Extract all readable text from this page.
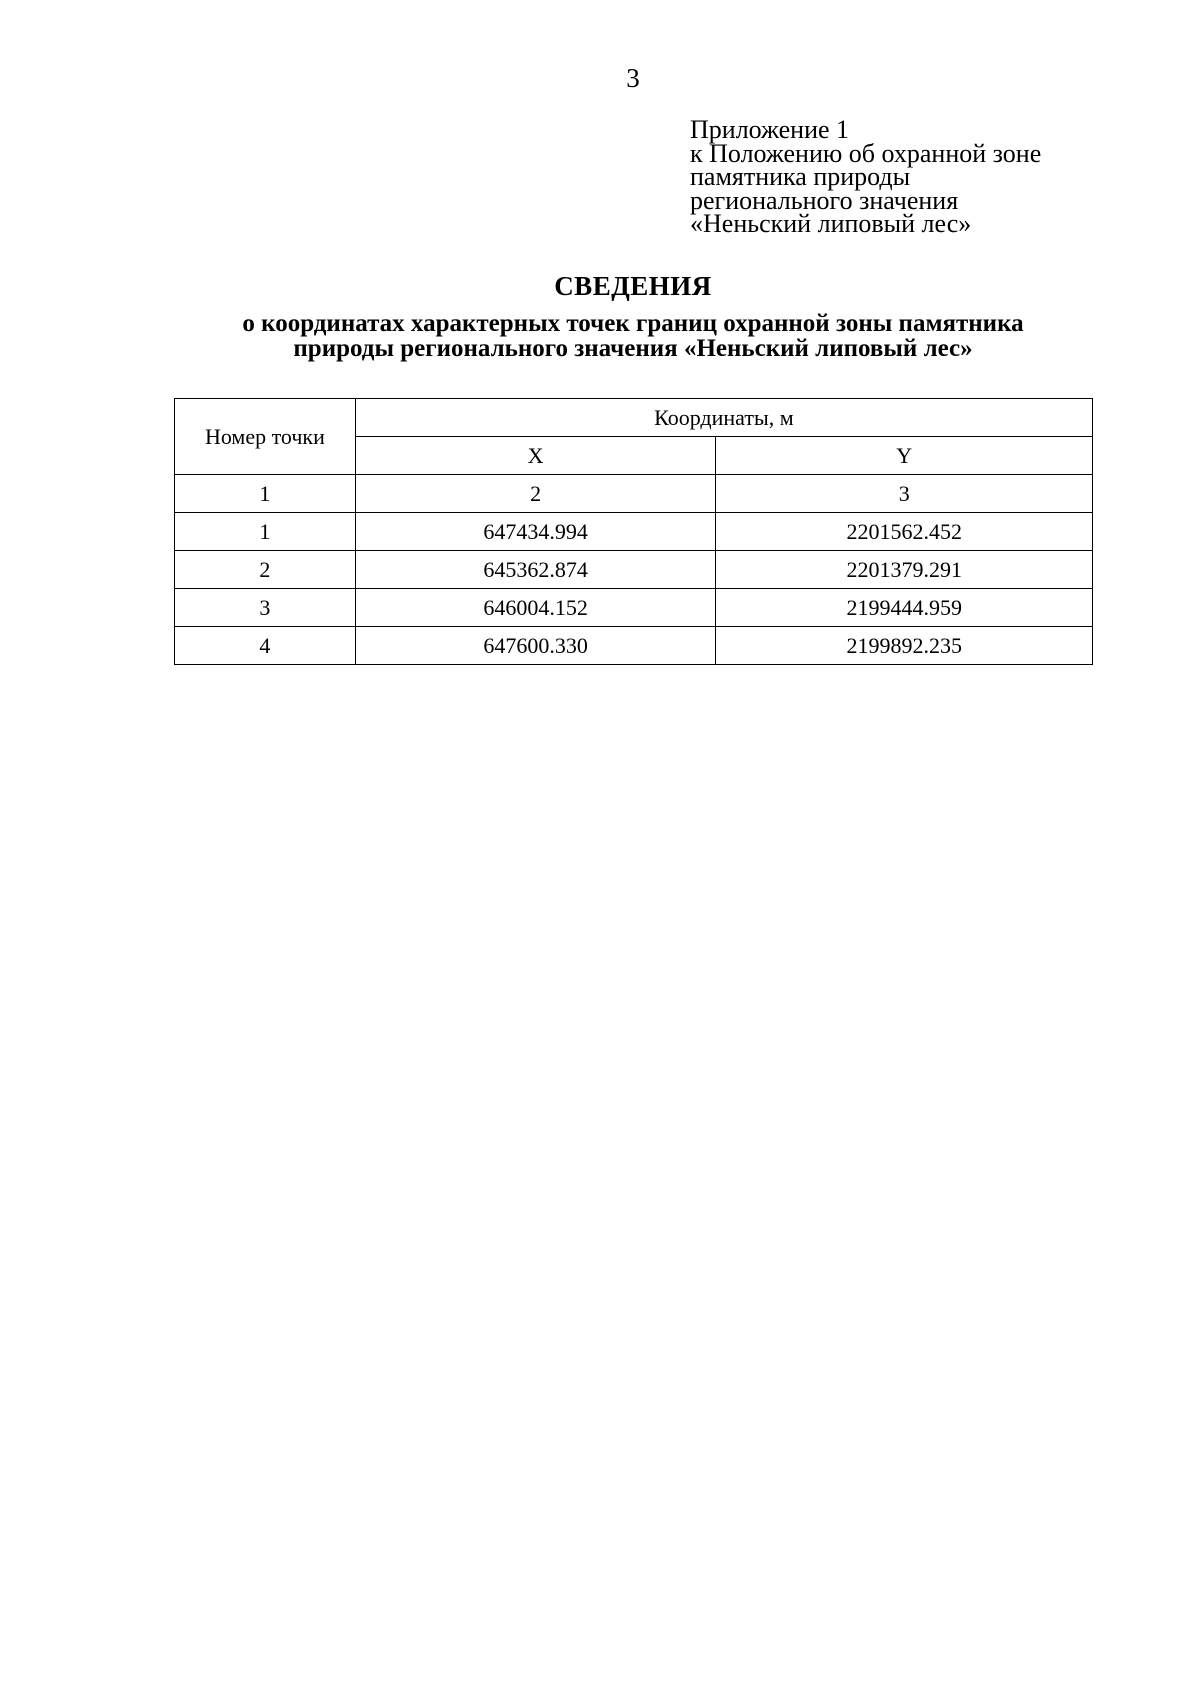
3
Приложение 1
к Положению об охранной зоне
памятника природы
регионального значения
«Неньский липовый лес»
СВЕДЕНИЯ
о координатах характерных точек границ охранной зоны памятника
природы регионального значения «Неньский липовый лес»
Номер точки	Координаты, м	
	X	Y
1	2	3
1	647434.994	2201562.452
2	645362.874	2201379.291
3	646004.152	2199444.959
4	647600.330	2199892.235
